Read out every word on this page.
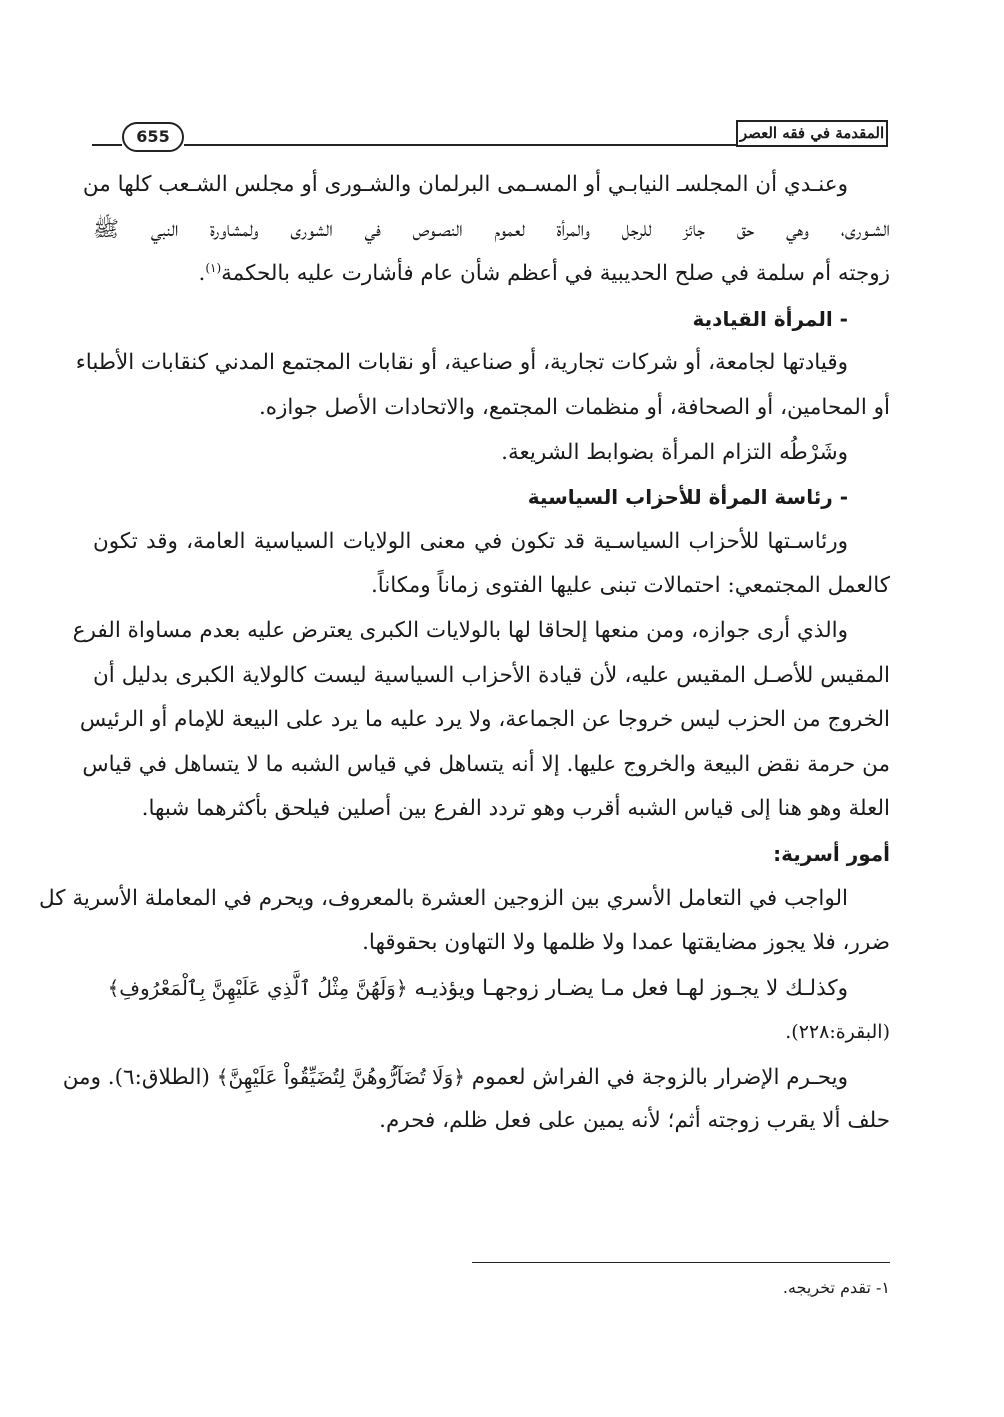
655	المقدمة في فقه العصر
وعنـدي أن المجلسـ النيابـي أو المسـمى البرلمان والشـورى أو مجلس الشـعب كلها من
الشـورى، وهي حق جائز للرجل والمرأة لعموم النصـوص في الشورى ولمشاورة النبي ﷺ
زوجته أم سلمة في صلح الحديبية في أعظم شأن عام فأشارت عليه بالحكمة$^{(١)}$.
- المرأة القيادية
وقيادتها لجامعة، أو شركات تجارية، أو صناعية، أو نقابات المجتمع المدني كنقابات الأطباء
أو المحامين، أو الصحافة، أو منظمات المجتمع، والاتحادات الأصل جوازه.
وشَرْطُه التزام المرأة بضوابط الشريعة.
- رئاسة المرأة للأحزاب السياسية
ورئاسـتها للأحزاب السياسـية قد تكون في معنى الولايات السياسية العامة، وقد تكون
كالعمل المجتمعي: احتمالات تبنى عليها الفتوى زماناً ومكاناً.
والذي أرى جوازه، ومن منعها إلحاقا لها بالولايات الكبرى يعترض عليه بعدم مساواة الفرع
المقيس للأصـل المقيس عليه، لأن قيادة الأحزاب السياسية ليست كالولاية الكبرى بدليل أن
الخروج من الحزب ليس خروجا عن الجماعة، ولا يرد عليه ما يرد على البيعة للإمام أو الرئيس
من حرمة نقض البيعة والخروج عليها. إلا أنه يتساهل في قياس الشبه ما لا يتساهل في قياس
العلة وهو هنا إلى قياس الشبه أقرب وهو تردد الفرع بين أصلين فيلحق بأكثرهما شبها.
أمور أسرية:
الواجب في التعامل الأسري بين الزوجين العشرة بالمعروف، ويحرم في المعاملة الأسرية كل
ضرر، فلا يجوز مضايقتها عمدا ولا ظلمها ولا التهاون بحقوقها.
وكذلـك لا يجـوز لهـا فعل مـا يضـار زوجهـا ويؤذيـه ﴿وَلَهُنَّ مِثْلُ ٱلَّذِي عَلَيْهِنَّ بِٱلْمَعْرُوفِ﴾
(البقرة:٢٢٨).
ويحـرم الإضرار بالزوجة في الفراش لعموم ﴿وَلَا تُضَآرُّوهُنَّ لِتُضَيِّقُواْ عَلَيْهِنَّ﴾ (الطلاق:٦). ومن
حلف ألا يقرب زوجته أثم؛ لأنه يمين على فعل ظلم، فحرم.
١- تقدم تخريجه.
